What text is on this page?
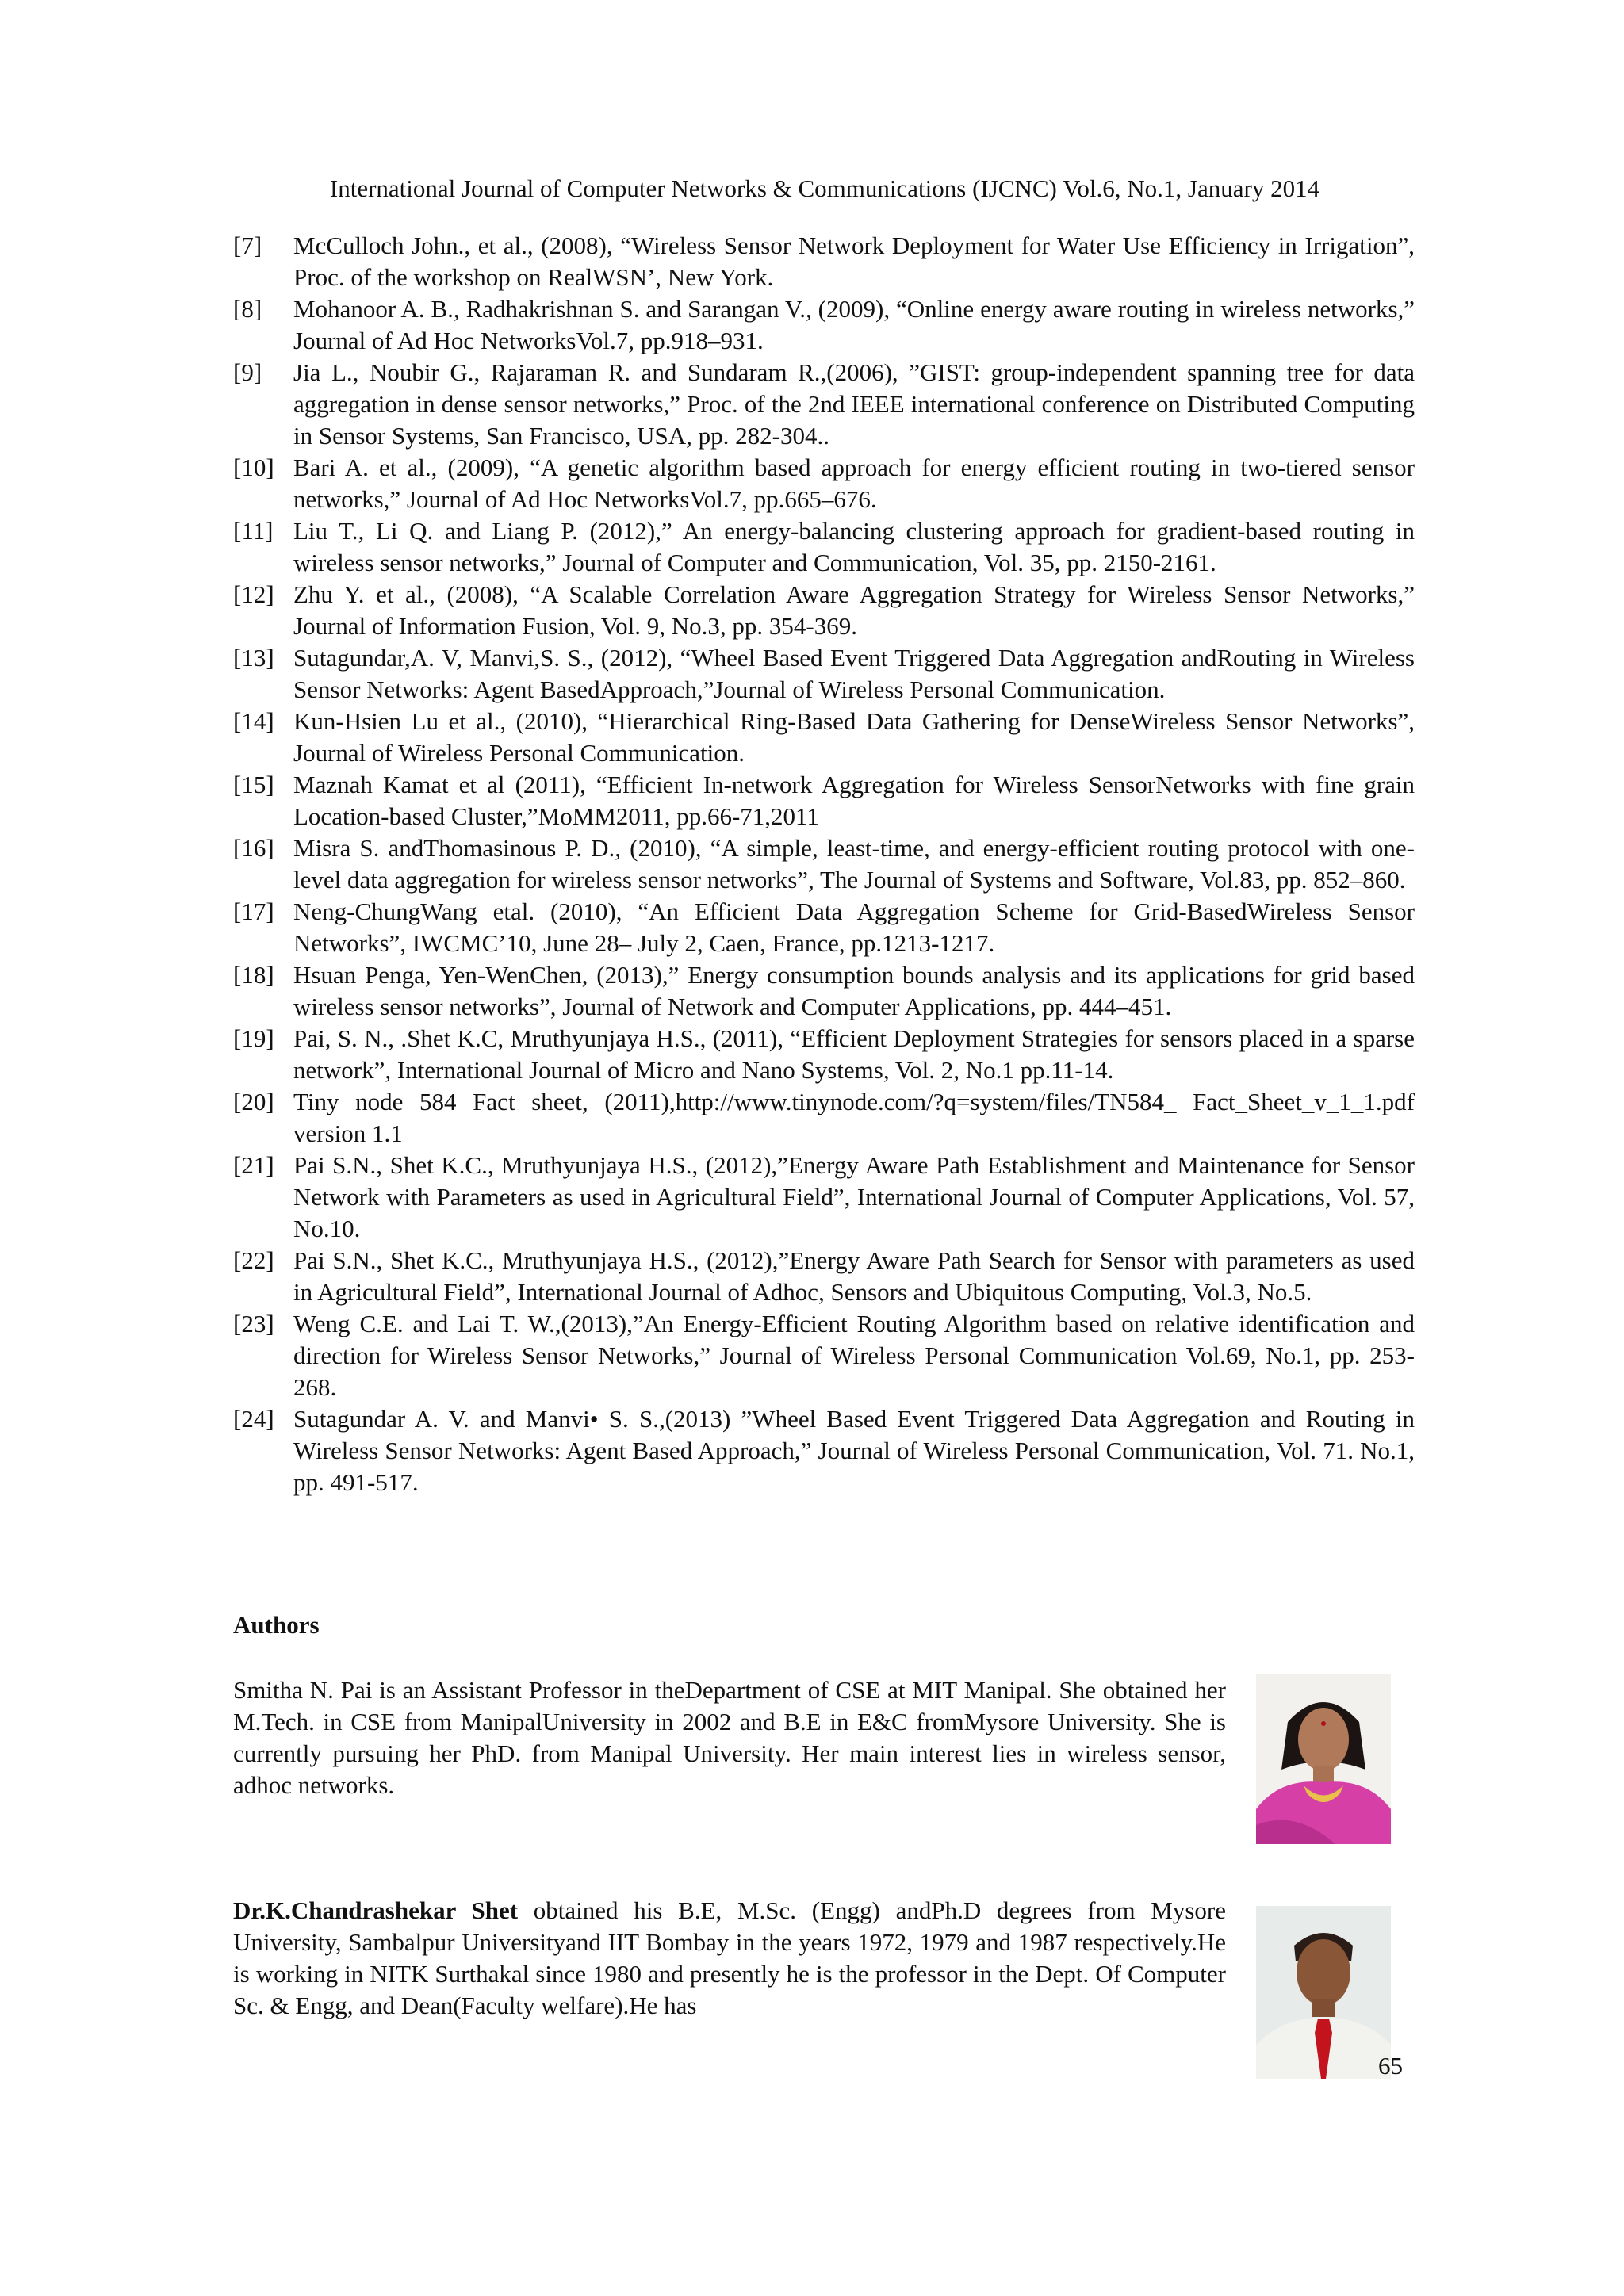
International Journal of Computer Networks & Communications (IJCNC) Vol.6, No.1, January 2014
[7]	McCulloch John., et al., (2008), “Wireless Sensor Network Deployment for Water Use Efficiency in Irrigation”, Proc. of the workshop on RealWSN’, New York.
[8]	Mohanoor A. B., Radhakrishnan S. and Sarangan V., (2009), “Online energy aware routing in wireless networks,” Journal of Ad Hoc NetworksVol.7, pp.918–931.
[9]	Jia L., Noubir G., Rajaraman R. and Sundaram R.,(2006), ”GIST: group-independent spanning tree for data aggregation in dense sensor networks,” Proc. of the 2nd IEEE international conference on Distributed Computing in Sensor Systems, San Francisco, USA, pp. 282-304..
[10] Bari A. et al., (2009), “A genetic algorithm based approach for energy efficient routing in two-tiered sensor networks,” Journal of Ad Hoc NetworksVol.7, pp.665–676.
[11] Liu T., Li Q. and Liang P. (2012),” An energy-balancing clustering approach for gradient-based routing in wireless sensor networks,” Journal of Computer and Communication, Vol. 35, pp. 2150-2161.
[12] Zhu Y. et al., (2008), “A Scalable Correlation Aware Aggregation Strategy for Wireless Sensor Networks,” Journal of Information Fusion, Vol. 9, No.3, pp. 354-369.
[13] Sutagundar,A. V, Manvi,S. S., (2012), “Wheel Based Event Triggered Data Aggregation andRouting in Wireless Sensor Networks: Agent BasedApproach,”Journal of Wireless Personal Communication.
[14] Kun-Hsien Lu et al., (2010), “Hierarchical Ring-Based Data Gathering for DenseWireless Sensor Networks”, Journal of Wireless Personal Communication.
[15] Maznah Kamat et al (2011), “Efficient In-network Aggregation for Wireless SensorNetworks with fine grain Location-based Cluster,”MoMM2011, pp.66-71,2011
[16] Misra S. andThomasinous P. D., (2010), “A simple, least-time, and energy-efficient routing protocol with one-level data aggregation for wireless sensor networks”, The Journal of Systems and Software, Vol.83, pp. 852–860.
[17] Neng-ChungWang etal. (2010), “An Efficient Data Aggregation Scheme for Grid-BasedWireless Sensor Networks”, IWCMC’10, June 28– July 2, Caen, France, pp.1213-1217.
[18] Hsuan Penga, Yen-WenChen, (2013),” Energy consumption bounds analysis and its applications for grid based wireless sensor networks”, Journal of Network and Computer Applications, pp. 444–451.
[19] Pai, S. N., .Shet K.C, Mruthyunjaya H.S., (2011), “Efficient Deployment Strategies for sensors placed in a sparse network”, International Journal of Micro and Nano Systems, Vol. 2, No.1 pp.11-14.
[20] Tiny node 584 Fact sheet, (2011),http://www.tinynode.com/?q=system/files/TN584_ Fact_Sheet_v_1_1.pdf version 1.1
[21] Pai S.N., Shet K.C., Mruthyunjaya H.S., (2012),”Energy Aware Path Establishment and Maintenance for Sensor Network with Parameters as used in Agricultural Field”, International Journal of Computer Applications, Vol. 57, No.10.
[22] Pai S.N., Shet K.C., Mruthyunjaya H.S., (2012),”Energy Aware Path Search for Sensor with parameters as used in Agricultural Field”, International Journal of Adhoc, Sensors and Ubiquitous Computing, Vol.3, No.5.
[23] Weng C.E. and Lai T. W.,(2013),”An Energy-Efficient Routing Algorithm based on relative identification and direction for Wireless Sensor Networks,” Journal of Wireless Personal Communication Vol.69, No.1, pp. 253-268.
[24] Sutagundar A. V. and Manvi• S. S.,(2013) ”Wheel Based Event Triggered Data Aggregation and Routing in Wireless Sensor Networks: Agent Based Approach,” Journal of Wireless Personal Communication, Vol. 71. No.1, pp. 491-517.
Authors
Smitha N. Pai is an Assistant Professor in theDepartment of CSE at MIT Manipal. She obtained her M.Tech. in CSE from ManipalUniversity in 2002 and B.E in E&C fromMysore University. She is currently pursuing her PhD. from Manipal University. Her main interest lies in wireless sensor, adhoc networks.
Dr.K.Chandrashekar Shet obtained his B.E, M.Sc. (Engg) andPh.D degrees from Mysore University, Sambalpur Universityand IIT Bombay in the years 1972, 1979 and 1987 respectively.He is working in NITK Surthakal since 1980 and presently he is the professor in the Dept. Of Computer Sc. & Engg, and Dean(Faculty welfare).He has
65
